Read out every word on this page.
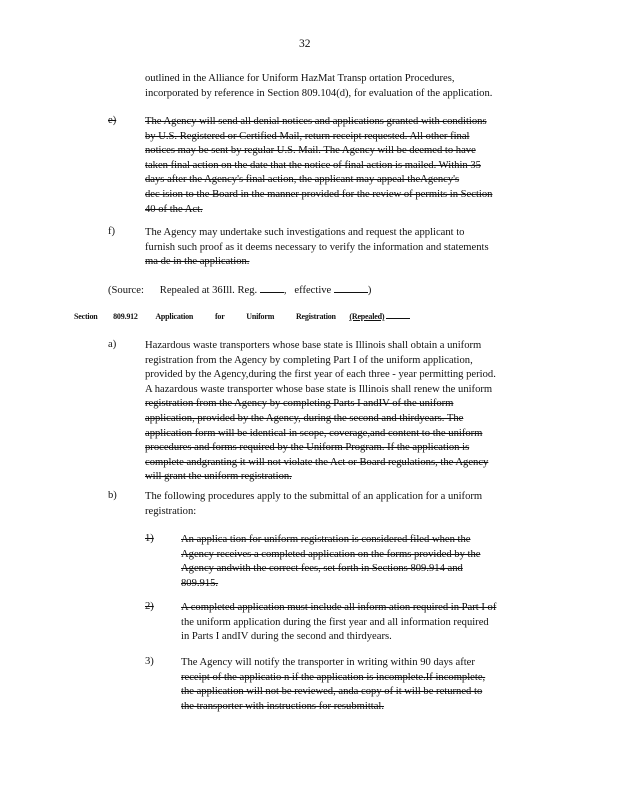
32
outlined in the Alliance for Uniform HazMat Transp ortation Procedures,
incorporated by reference in Section 809.104(d), for evaluation of the application.
e)	The Agency will send all denial notices and applications granted with conditions
by U.S. Registered or Certified Mail, return receipt requested. All other final
notices may be sent by regular U.S. Mail. The Agency will be deemed to have
taken final action on the date that the notice of final action is mailed. Within 35
days after the Agency's final action, the applicant may appeal theAgency's
dec ision to the Board in the manner provided for the review of permits in Section
40 of the Act.
f)	The Agency may undertake such investigations and request the applicant to
furnish such proof as it deems necessary to verify the information and statements
ma de in the application.
(Source: Repealed at 36Ill. Reg.	,   effective	)
Section 809.912 Application for Uniform Registration (Repealed)
a)	Hazardous waste transporters whose base state is Illinois shall obtain a uniform
registration from the Agency by completing Part I of the uniform application,
provided by the Agency,during the first year of each three - year permitting period.
A hazardous waste transporter whose base state is Illinois shall renew the uniform
registration from the Agency by completing Parts I andIV of the uniform
application, provided by the Agency, during the second and thirdyears. The
application form will be identical in scope, coverage,and content to the uniform
procedures and forms required by the Uniform Program. If the application is
complete andgranting it will not violate the Act or Board regulations, the Agency
will grant the uniform registration.
b)	The following procedures apply to the submittal of an application for a uniform
registration:
1)	An applica tion for uniform registration is considered filed when the
Agency receives a completed application on the forms provided by the
Agency andwith the correct fees, set forth in Sections 809.914 and
809.915.
2)	A completed application must include all inform ation required in Part I of
the uniform application during the first year and all information required
in Parts I andIV during the second and thirdyears.
3)	The Agency will notify the transporter in writing within 90 days after
receipt of the applicatio n if the application is incomplete.If incomplete,
the application will not be reviewed, anda copy of it will be returned to
the transporter with instructions for resubmittal.
